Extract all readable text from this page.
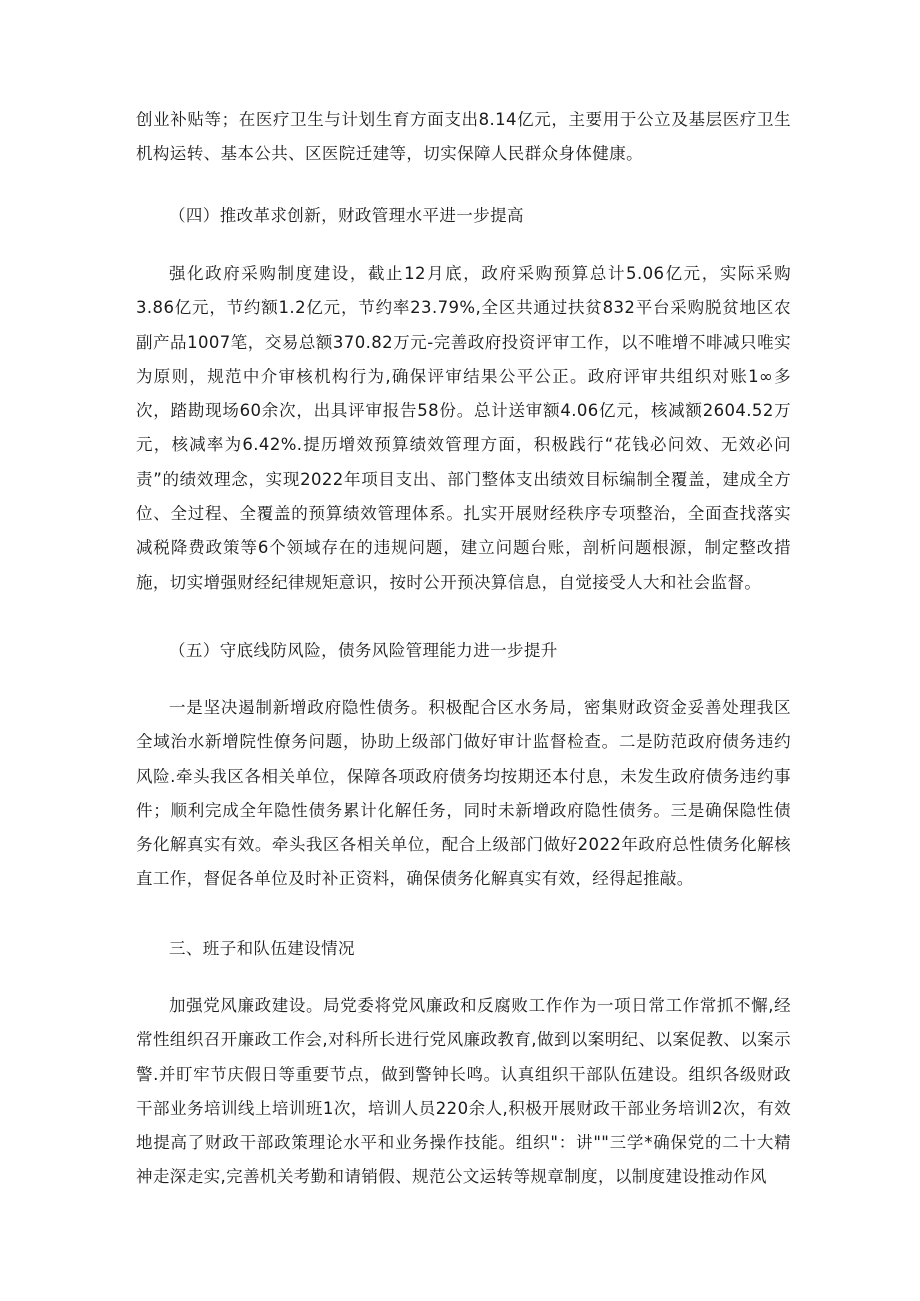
创业补贴等；在医疗卫生与计划生育方面支出8.14亿元，主要用于公立及基层医疗卫生机构运转、基本公共、区医院迁建等，切实保障人民群众身体健康。

（四）推改革求创新，财政管理水平进一步提高

强化政府采购制度建设，截止12月底，政府采购预算总计5.06亿元，实际采购3.86亿元，节约额1.2亿元，节约率23.79%,全区共通过扶贫832平台采购脱贫地区农副产品1007笔，交易总额370.82万元-完善政府投资评审工作，以不唯增不啡减只唯实为原则，规范中介审核机构行为,确保评审结果公平公正。政府评审共组织对账1∞多次，踏勘现场60余次，出具评审报告58份。总计送审额4.06亿元，核减额2604.52万元，核减率为6.42%.提历增效预算绩效管理方面，积极践行“花钱必问效、无效必问责”的绩效理念，实现2022年项目支出、部门整体支出绩效目标编制全覆盖，建成全方位、全过程、全覆盖的预算绩效管理体系。扎实开展财经秩序专项整治，全面查找落实减税降费政策等6个领域存在的违规问题，建立问题台账，剖析问题根源，制定整改措施，切实增强财经纪律规矩意识，按时公开预决算信息，自觉接受人大和社会监督。

（五）守底线防风险，债务风险管理能力进一步提升

一是坚决遏制新增政府隐性债务。积极配合区水务局，密集财政资金妥善处理我区全域治水新增院性僚务问题，协助上级部门做好审计监督检查。二是防范政府债务违约风险.牵头我区各相关单位，保障各项政府债务均按期还本付息，未发生政府债务违约事件；顺利完成全年隐性债务累计化解任务，同时未新增政府隐性债务。三是确保隐性债务化解真实有效。牵头我区各相关单位，配合上级部门做好2022年政府总性债务化解核直工作，督促各单位及时补正资料，确保债务化解真实有效，经得起推敲。

三、班子和队伍建设情况

加强党风廉政建设。局党委将党风廉政和反腐败工作作为一项日常工作常抓不懈,经常性组织召开廉政工作会,对科所长进行党风廉政教育,做到以案明纪、以案促教、以案示警.并盯牢节庆假日等重要节点，做到警钟长鸣。认真组织干部队伍建设。组织各级财政干部业务培训线上培训班1次，培训人员220余人,积极开展财政干部业务培训2次，有效地提高了财政干部政策理论水平和业务操作技能。组织"：讲""三学*确保党的二十大精神走深走实,完善机关考勤和请销假、规范公文运转等规章制度，以制度建设推动作风
